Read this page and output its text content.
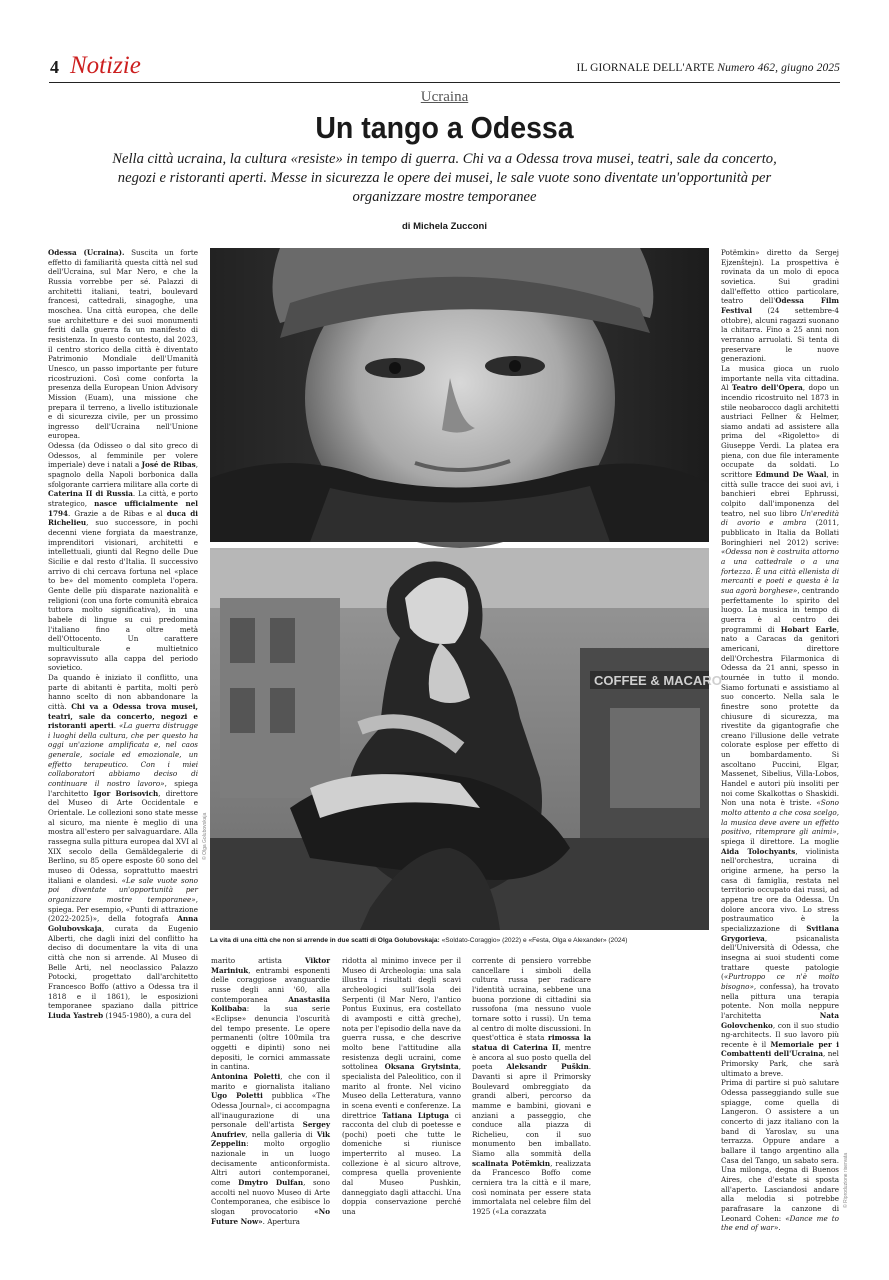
4 Notizie	IL GIORNALE DELL'ARTE Numero 462, giugno 2025
Ucraina
Un tango a Odessa
Nella città ucraina, la cultura «resiste» in tempo di guerra. Chi va a Odessa trova musei, teatri, sale da concerto, negozi e ristoranti aperti. Messe in sicurezza le opere dei musei, le sale vuote sono diventate un'opportunità per organizzare mostre temporanee
di Michela Zucconi

Odessa (Ucraina). Suscita un forte effetto di familiarità questa città nel sud dell'Ucraina, sul Mar Nero, e che la Russia vorrebbe per sé. Palazzi di architetti italiani, teatri, boulevard francesi, cattedrali, sinagoghe, una moschea. Una città europea, che delle sue architetture e dei suoi monumenti feriti dalla guerra fa un manifesto di resistenza. In questo contesto, dal 2023, il centro storico della città è diventato Patrimonio Mondiale dell'Umanità Unesco, un passo importante per future ricostruzioni. Così come conforta la presenza della European Union Advisory Mission (Euam), una missione che prepara il terreno, a livello istituzionale e di sicurezza civile, per un prossimo ingresso dell'Ucraina nell'Unione europea.

Odessa (da Odisseo o dal sito greco di Odessos, al femminile per volere imperiale) deve i natali a José de Ribas, spagnolo della Napoli borbonica dalla sfolgorante carriera militare alla corte di Caterina II di Russia. La città, e porto strategico, nasce ufficialmente nel 1794. Grazie a de Ribas e al duca di Richelieu, suo successore, in pochi decenni viene forgiata da maestranze, imprenditori visionari, architetti e intellettuali, giunti dal Regno delle Due Sicilie e dal resto d'Italia. Il successivo arrivo di chi cercava fortuna nel «place to be» del momento completa l'opera. Gente delle più disparate nazionalità e religioni (con una forte comunità ebraica tuttora molto significativa), in una babele di lingue su cui predomina l'italiano fino a oltre metà dell'Ottocento. Un carattere multiculturale e multietnico sopravvissuto alla cappa del periodo sovietico.

Da quando è iniziato il conflitto, una parte di abitanti è partita, molti però hanno scelto di non abbandonare la città. Chi va a Odessa trova musei, teatri, sale da concerto, negozi e ristoranti aperti. «La guerra distrugge i luoghi della cultura, che per questo ha oggi un'azione amplificata e, nel caos generale, sociale ed emozionale, un effetto terapeutico. Con i miei collaboratori abbiamo deciso di continuare il nostro lavoro», spiega l'architetto Igor Borisovich, direttore del Museo di Arte Occidentale e Orientale. Le collezioni sono state messe al sicuro, ma niente è meglio di una mostra all'estero per salvaguardare. Alla rassegna sulla pittura europea dal XVI al XIX secolo della Gemäldegalerie di Berlino, su 85 opere esposte 60 sono del museo di Odessa, soprattutto maestri italiani e olandesi. «Le sale vuote sono poi diventate un'opportunità per organizzare mostre temporanee», spiega. Per esempio, «Punti di attrazione (2022-2025)», della fotografa Anna Golubovskaja, curata da Eugenio Alberti, che dagli inizi del conflitto ha deciso di documentare la vita di una città che non si arrende. Al Museo di Belle Arti, nel neoclassico Palazzo Potocki, progettato dall'architetto Francesco Boffo (attivo a Odessa tra il 1818 e il 1861), le esposizioni temporanee spaziano dalla pittrice Liuda Yastreb (1945-1980), a cura del

COFFEE & MACARO
© Olga Golubovskaja
La vita di una città che non si arrende in due scatti di Olga Golubovskaja: «Soldato-Coraggio» (2022) e «Festa, Olga e Alexander» (2024)

marito artista Viktor Mariniuk, entrambi esponenti delle coraggiose avanguardie russe degli anni '60, alla contemporanea Anastasiia Kolibaba: la sua serie «Eclipse» denuncia l'oscurità del tempo presente. Le opere permanenti (oltre 100mila tra oggetti e dipinti) sono nei depositi, le cornici ammassate in cantina.

Antonina Poletti, che con il marito e giornalista italiano Ugo Poletti pubblica «The Odessa Journal», ci accompagna all'inaugurazione di una personale dell'artista Sergey Anufriev, nella galleria di Vik Zeppelin: molto orgoglio nazionale in un luogo decisamente anticonformista. Altri autori contemporanei, come Dmytro Dulfan, sono accolti nel nuovo Museo di Arte Contemporanea, che esibisce lo slogan provocatorio «No Future Now». Apertura

ridotta al minimo invece per il Museo di Archeologia: una sala illustra i risultati degli scavi archeologici sull'Isola dei Serpenti (il Mar Nero, l'antico Pontus Euxinus, era costellato di avamposti e città greche), nota per l'episodio della nave da guerra russa, e che descrive molto bene l'attitudine alla resistenza degli ucraini, come sottolinea Oksana Grytsinta, specialista del Paleolitico, con il marito al fronte. Nel vicino Museo della Letteratura, vanno in scena eventi e conferenze. La direttrice Tatiana Liptuga ci racconta del club di poetesse e (pochi) poeti che tutte le domeniche si riunisce imperterrito al museo. La collezione è al sicuro altrove, compresa quella proveniente dal Museo Pushkin, danneggiato dagli attacchi. Una doppia conservazione perché una

corrente di pensiero vorrebbe cancellare i simboli della cultura russa per radicare l'identità ucraina, sebbene una buona porzione di cittadini sia russofona (ma nessuno vuole tornare sotto i russi). Un tema al centro di molte discussioni. In quest'ottica è stata rimossa la statua di Caterina II, mentre è ancora al suo posto quella del poeta Aleksandr Puškin. Davanti si apre il Primorsky Boulevard ombreggiato da grandi alberi, percorso da mamme e bambini, giovani e anziani a passeggio, che conduce alla piazza di Richelieu, con il suo monumento ben imballato. Siamo alla sommità della scalinata Potëmkin, realizzata da Francesco Boffo come cerniera tra la città e il mare, così nominata per essere stata immortalata nel celebre film del 1925 («La corazzata

Potëmkin» diretto da Sergej Ejzenštejn). La prospettiva è rovinata da un molo di epoca sovietica. Sui gradini dall'effetto ottico particolare, teatro dell'Odessa Film Festival (24 settembre-4 ottobre), alcuni ragazzi suonano la chitarra. Fino a 25 anni non verranno arruolati. Si tenta di preservare le nuove generazioni.

La musica gioca un ruolo importante nella vita cittadina. Al Teatro dell'Opera, dopo un incendio ricostruito nel 1873 in stile neobarocco dagli architetti austriaci Fellner & Helmer, siamo andati ad assistere alla prima del «Rigoletto» di Giuseppe Verdi. La platea era piena, con due file interamente occupate da soldati. Lo scrittore Edmund De Waal, in città sulle tracce dei suoi avi, i banchieri ebrei Ephrussi, colpito dall'imponenza del teatro, nel suo libro Un'eredità di avorio e ambra (2011, pubblicato in Italia da Bollati Boringhieri nel 2012) scrive: «Odessa non è costruita attorno a una cattedrale o a una fortezza. È una città ellenista di mercanti e poeti e questa è la sua agorà borghese», centrando perfettamente lo spirito del luogo. La musica in tempo di guerra è al centro dei programmi di Hobart Earle, nato a Caracas da genitori americani, direttore dell'Orchestra Filarmonica di Odessa da 21 anni, spesso in tournée in tutto il mondo. Siamo fortunati e assistiamo al suo concerto. Nella sala le finestre sono protette da chiusure di sicurezza, ma rivestite da gigantografie che creano l'illusione delle vetrate colorate esplose per effetto di un bombardamento. Si ascoltano Puccini, Elgar, Massenet, Sibelius, Villa-Lobos, Handel e autori più insoliti per noi come Skalkottas o Shaskidi. Non una nota è triste. «Sono molto attento a che cosa scelgo, la musica deve avere un effetto positivo, ritemprare gli animi», spiega il direttore. La moglie Aida Tolochyants, violinista nell'orchestra, ucraina di origine armene, ha perso la casa di famiglia, restata nel territorio occupato dai russi, ad appena tre ore da Odessa. Un dolore ancora vivo. Lo stress postraumatico è la specializzazione di Svitlana Grygorieva, psicanalista dell'Università di Odessa, che insegna ai suoi studenti come trattare queste patologie («Purtroppo ce n'è molto bisogno», confessa), ha trovato nella pittura una terapia potente. Non molla neppure l'architetta Nata Golovchenko, con il suo studio ng-architects. Il suo lavoro più recente è il Memoriale per i Combattenti dell'Ucraina, nel Primorsky Park, che sarà ultimato a breve.

Prima di partire si può salutare Odessa passeggiando sulle sue spiagge, come quella di Langeron. O assistere a un concerto di jazz italiano con la band di Yaroslav, su una terrazza. Oppure andare a ballare il tango argentino alla Casa del Tango, un sabato sera. Una milonga, degna di Buenos Aires, che d'estate si sposta all'aperto. Lasciandosi andare alla melodia si potrebbe parafrasare la canzone di Leonard Cohen: «Dance me to the end of war».

© Riproduzione riservata
